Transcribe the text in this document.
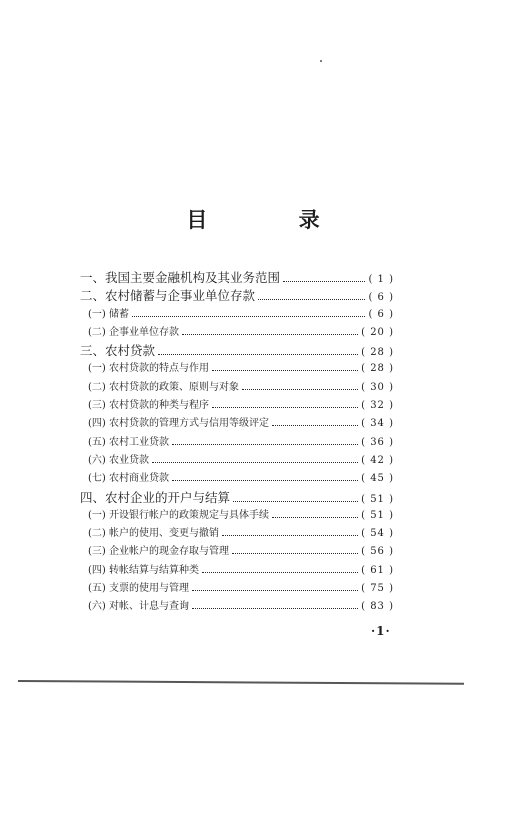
目 录
一、我国主要金融机构及其业务范围	( 1 )
二、农村储蓄与企事业单位存款	( 6 )
(一) 储蓄	( 6 )
(二) 企事业单位存款	( 20 )
三、农村贷款	( 28 )
(一) 农村贷款的特点与作用	( 28 )
(二) 农村贷款的政策、原则与对象	( 30 )
(三) 农村贷款的种类与程序	( 32 )
(四) 农村贷款的管理方式与信用等级评定	( 34 )
(五) 农村工业贷款	( 36 )
(六) 农业贷款	( 42 )
(七) 农村商业贷款	( 45 )
四、农村企业的开户与结算	( 51 )
(一) 开设银行帐户的政策规定与具体手续	( 51 )
(二) 帐户的使用、变更与撤销	( 54 )
(三) 企业帐户的现金存取与管理	( 56 )
(四) 转帐结算与结算种类	( 61 )
(五) 支票的使用与管理	( 75 )
(六) 对帐、计息与查询	( 83 )
·1·
